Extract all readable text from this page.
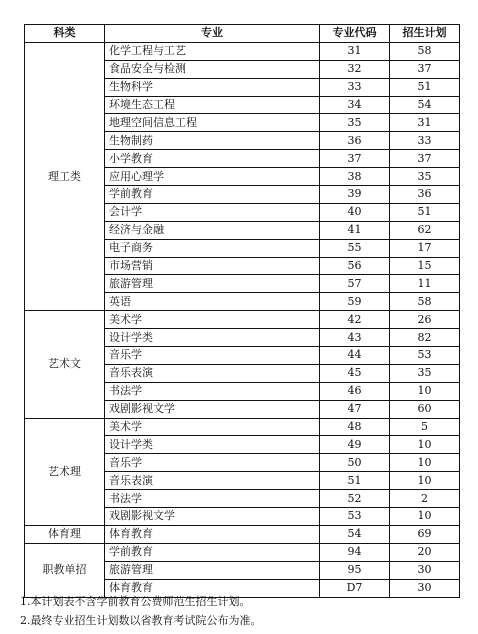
科类	专业	专业代码	招生计划
理工类	化学工程与工艺	31	58
	食品安全与检测	32	37
	生物科学	33	51
	环境生态工程	34	54
	地理空间信息工程	35	31
	生物制药	36	33
	小学教育	37	37
	应用心理学	38	35
	学前教育	39	36
	会计学	40	51
	经济与金融	41	62
	电子商务	55	17
	市场营销	56	15
	旅游管理	57	11
	英语	59	58
艺术文	美术学	42	26
	设计学类	43	82
	音乐学	44	53
	音乐表演	45	35
	书法学	46	10
	戏剧影视文学	47	60
艺术理	美术学	48	5
	设计学类	49	10
	音乐学	50	10
	音乐表演	51	10
	书法学	52	2
	戏剧影视文学	53	10
体育理	体育教育	54	69
职教单招	学前教育	94	20
	旅游管理	95	30
	体育教育	D7	30
1.本计划表不含学前教育公费师范生招生计划。
2.最终专业招生计划数以省教育考试院公布为准。
